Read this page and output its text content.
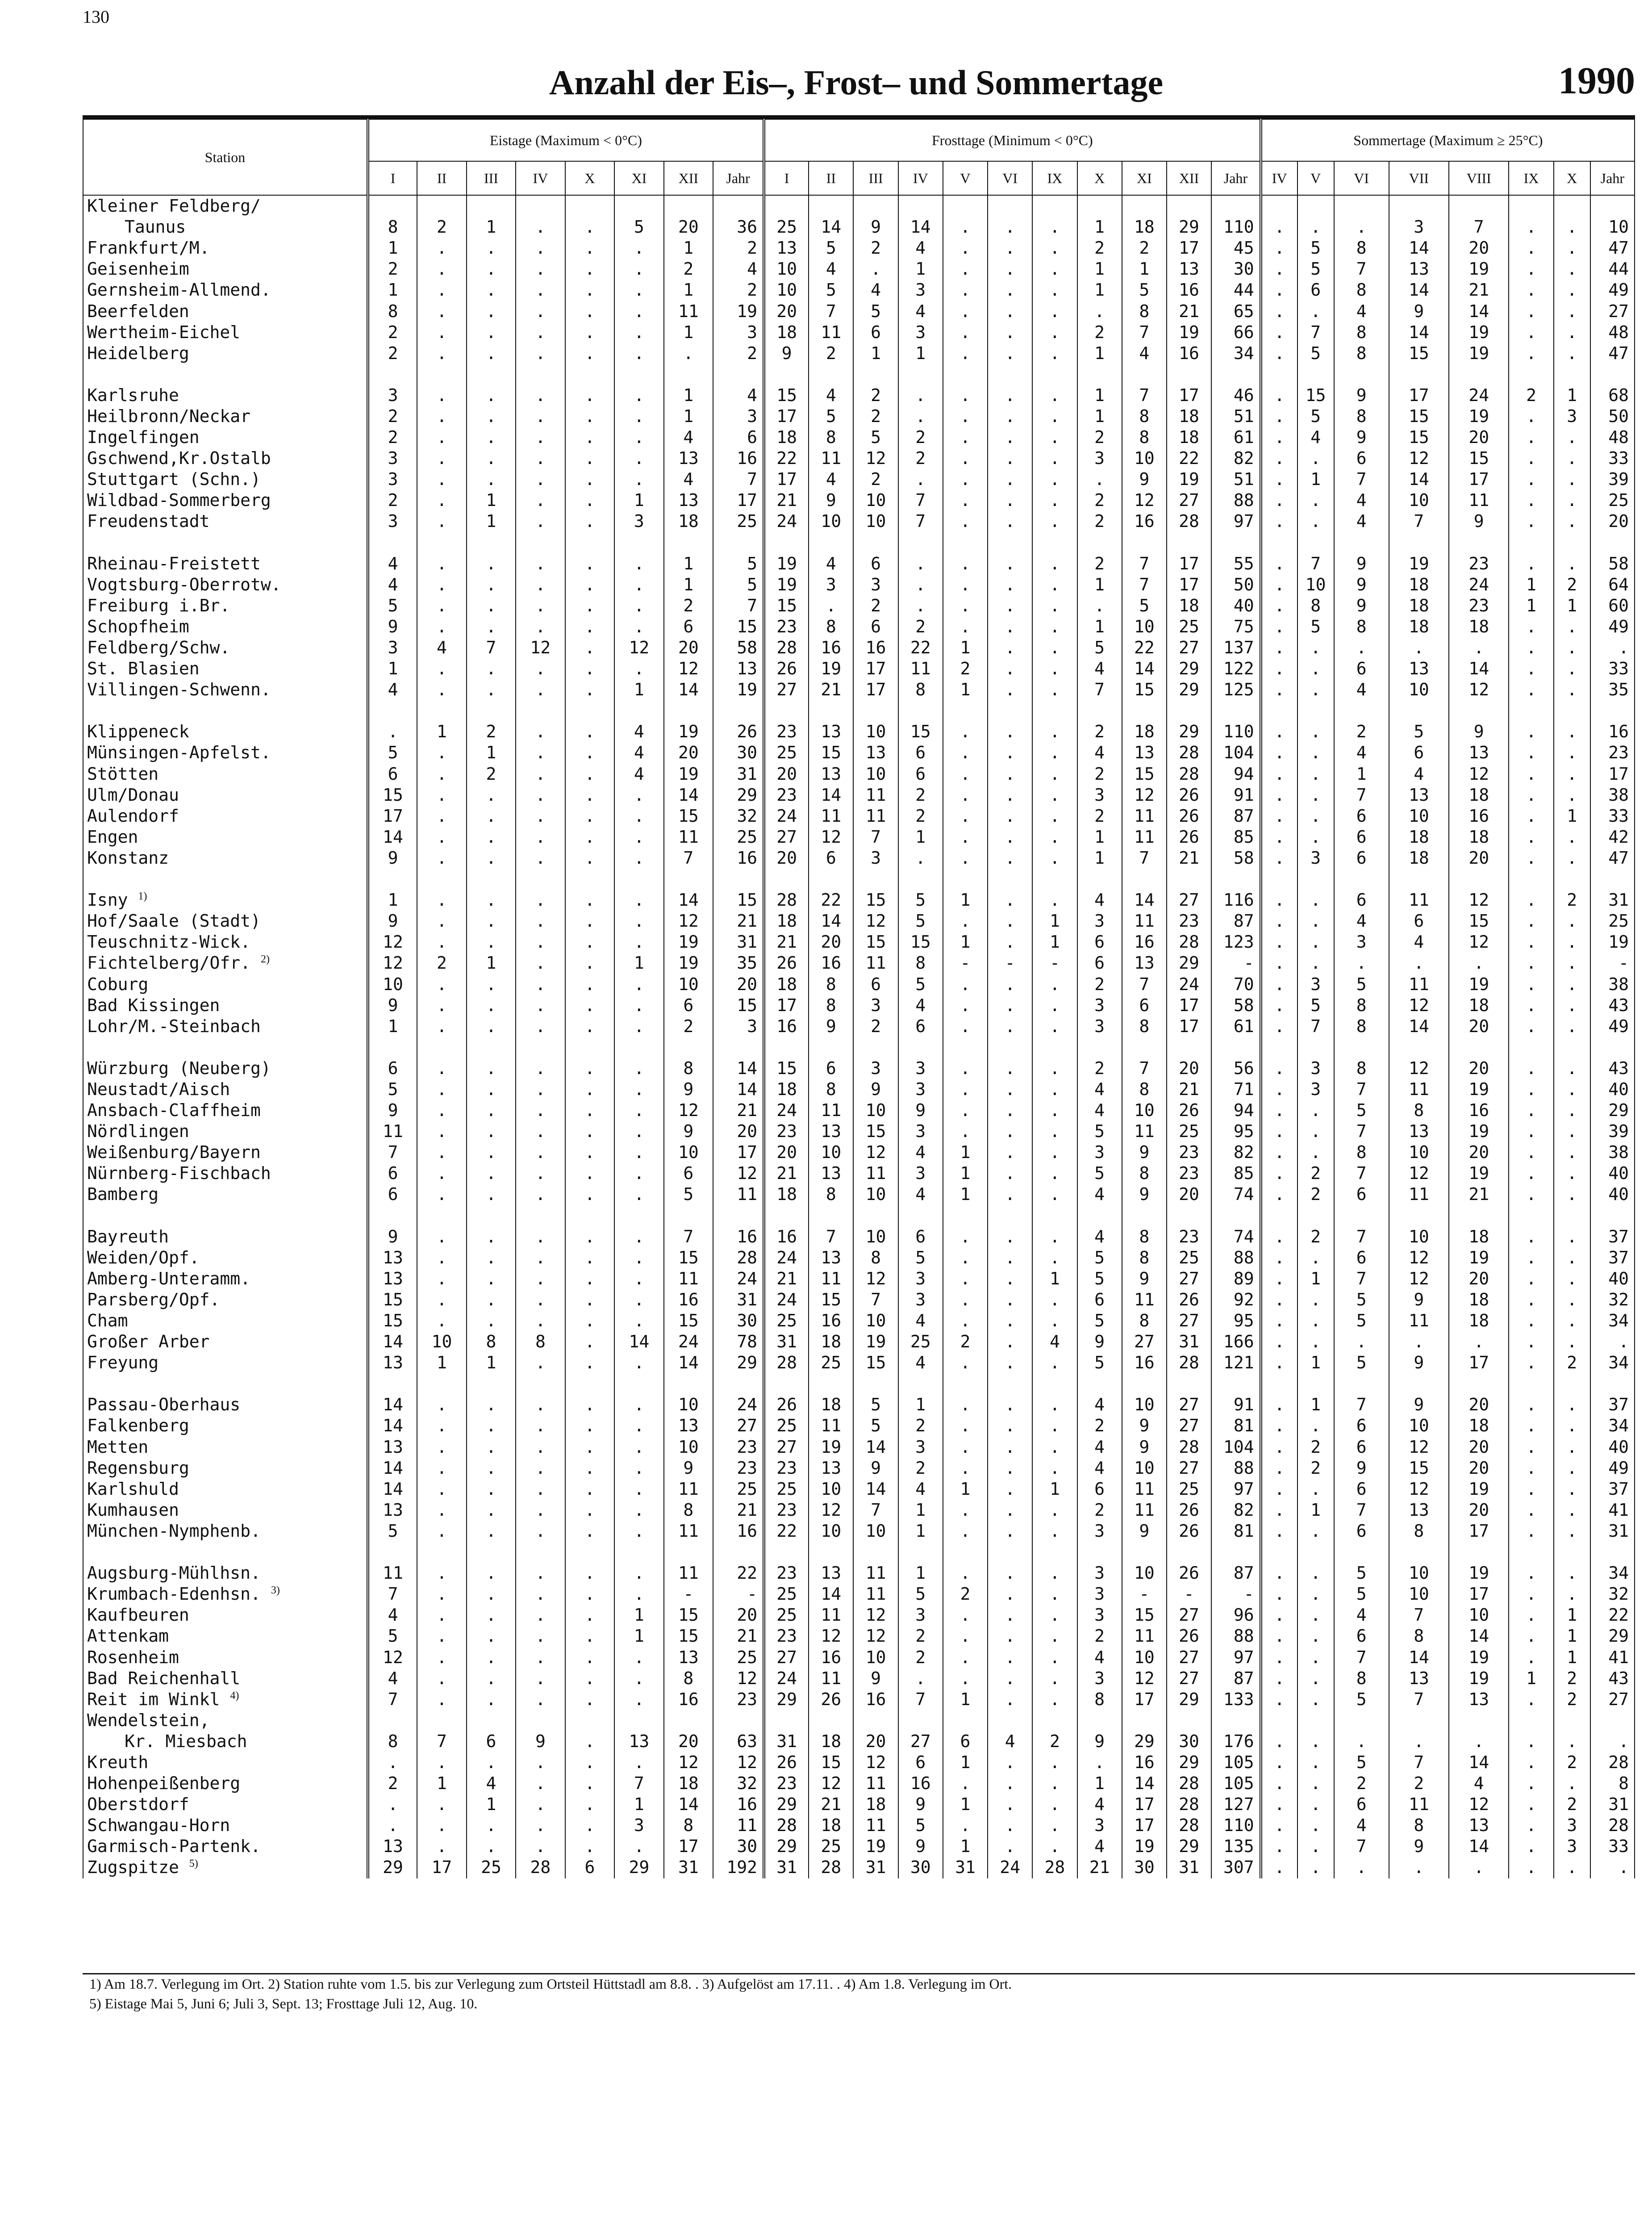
130
Anzahl der Eis–, Frost– und Sommertage	1990
Station	Eistage (Maximum < 0°C)								Frosttage (Minimum < 0°C)											Sommertage (Maximum ≥ 25°C)							
	I	II	III	IV	X	XI	XII	Jahr	I	II	III	IV	V	VI	IX	X	XI	XII	Jahr	IV	V	VI	VII	VIII	IX	X	Jahr
Kleiner Feldberg/																											
Taunus	8	2	1	.	.	5	20	36	25	14	9	14	.	.	.	1	18	29	110	.	.	.	3	7	.	.	10
Frankfurt/M.	1	.	.	.	.	.	1	2	13	5	2	4	.	.	.	2	2	17	45	.	5	8	14	20	.	.	47
Geisenheim	2	.	.	.	.	.	2	4	10	4	.	1	.	.	.	1	1	13	30	.	5	7	13	19	.	.	44
Gernsheim-Allmend.	1	.	.	.	.	.	1	2	10	5	4	3	.	.	.	1	5	16	44	.	6	8	14	21	.	.	49
Beerfelden	8	.	.	.	.	.	11	19	20	7	5	4	.	.	.	.	8	21	65	.	.	4	9	14	.	.	27
Wertheim-Eichel	2	.	.	.	.	.	1	3	18	11	6	3	.	.	.	2	7	19	66	.	7	8	14	19	.	.	48
Heidelberg	2	.	.	.	.	.	.	2	9	2	1	1	.	.	.	1	4	16	34	.	5	8	15	19	.	.	47

Karlsruhe	3	.	.	.	.	.	1	4	15	4	2	.	.	.	.	1	7	17	46	.	15	9	17	24	2	1	68
Heilbronn/Neckar	2	.	.	.	.	.	1	3	17	5	2	.	.	.	.	1	8	18	51	.	5	8	15	19	.	3	50
Ingelfingen	2	.	.	.	.	.	4	6	18	8	5	2	.	.	.	2	8	18	61	.	4	9	15	20	.	.	48
Gschwend,Kr.Ostalb	3	.	.	.	.	.	13	16	22	11	12	2	.	.	.	3	10	22	82	.	.	6	12	15	.	.	33
Stuttgart (Schn.)	3	.	.	.	.	.	4	7	17	4	2	.	.	.	.	.	9	19	51	.	1	7	14	17	.	.	39
Wildbad-Sommerberg	2	.	1	.	.	1	13	17	21	9	10	7	.	.	.	2	12	27	88	.	.	4	10	11	.	.	25
Freudenstadt	3	.	1	.	.	3	18	25	24	10	10	7	.	.	.	2	16	28	97	.	.	4	7	9	.	.	20

Rheinau-Freistett	4	.	.	.	.	.	1	5	19	4	6	.	.	.	.	2	7	17	55	.	7	9	19	23	.	.	58
Vogtsburg-Oberrotw.	4	.	.	.	.	.	1	5	19	3	3	.	.	.	.	1	7	17	50	.	10	9	18	24	1	2	64
Freiburg i.Br.	5	.	.	.	.	.	2	7	15	.	2	.	.	.	.	.	5	18	40	.	8	9	18	23	1	1	60
Schopfheim	9	.	.	.	.	.	6	15	23	8	6	2	.	.	.	1	10	25	75	.	5	8	18	18	.	.	49
Feldberg/Schw.	3	4	7	12	.	12	20	58	28	16	16	22	1	.	.	5	22	27	137	.	.	.	.	.	.	.	.
St. Blasien	1	.	.	.	.	.	12	13	26	19	17	11	2	.	.	4	14	29	122	.	.	6	13	14	.	.	33
Villingen-Schwenn.	4	.	.	.	.	1	14	19	27	21	17	8	1	.	.	7	15	29	125	.	.	4	10	12	.	.	35

Klippeneck	.	1	2	.	.	4	19	26	23	13	10	15	.	.	.	2	18	29	110	.	.	2	5	9	.	.	16
Münsingen-Apfelst.	5	.	1	.	.	4	20	30	25	15	13	6	.	.	.	4	13	28	104	.	.	4	6	13	.	.	23
Stötten	6	.	2	.	.	4	19	31	20	13	10	6	.	.	.	2	15	28	94	.	.	1	4	12	.	.	17
Ulm/Donau	15	.	.	.	.	.	14	29	23	14	11	2	.	.	.	3	12	26	91	.	.	7	13	18	.	.	38
Aulendorf	17	.	.	.	.	.	15	32	24	11	11	2	.	.	.	2	11	26	87	.	.	6	10	16	.	1	33
Engen	14	.	.	.	.	.	11	25	27	12	7	1	.	.	.	1	11	26	85	.	.	6	18	18	.	.	42
Konstanz	9	.	.	.	.	.	7	16	20	6	3	.	.	.	.	1	7	21	58	.	3	6	18	20	.	.	47

Isny $^{1)}$	1	.	.	.	.	.	14	15	28	22	15	5	1	.	.	4	14	27	116	.	.	6	11	12	.	2	31
Hof/Saale (Stadt)	9	.	.	.	.	.	12	21	18	14	12	5	.	.	1	3	11	23	87	.	.	4	6	15	.	.	25
Teuschnitz-Wick.	12	.	.	.	.	.	19	31	21	20	15	15	1	.	1	6	16	28	123	.	.	3	4	12	.	.	19
Fichtelberg/Ofr. $^{2)}$	12	2	1	.	.	1	19	35	26	16	11	8	-	-	-	6	13	29	-	.	.	.	.	.	.	.	-
Coburg	10	.	.	.	.	.	10	20	18	8	6	5	.	.	.	2	7	24	70	.	3	5	11	19	.	.	38
Bad Kissingen	9	.	.	.	.	.	6	15	17	8	3	4	.	.	.	3	6	17	58	.	5	8	12	18	.	.	43
Lohr/M.-Steinbach	1	.	.	.	.	.	2	3	16	9	2	6	.	.	.	3	8	17	61	.	7	8	14	20	.	.	49

Würzburg (Neuberg)	6	.	.	.	.	.	8	14	15	6	3	3	.	.	.	2	7	20	56	.	3	8	12	20	.	.	43
Neustadt/Aisch	5	.	.	.	.	.	9	14	18	8	9	3	.	.	.	4	8	21	71	.	3	7	11	19	.	.	40
Ansbach-Claffheim	9	.	.	.	.	.	12	21	24	11	10	9	.	.	.	4	10	26	94	.	.	5	8	16	.	.	29
Nördlingen	11	.	.	.	.	.	9	20	23	13	15	3	.	.	.	5	11	25	95	.	.	7	13	19	.	.	39
Weißenburg/Bayern	7	.	.	.	.	.	10	17	20	10	12	4	1	.	.	3	9	23	82	.	.	8	10	20	.	.	38
Nürnberg-Fischbach	6	.	.	.	.	.	6	12	21	13	11	3	1	.	.	5	8	23	85	.	2	7	12	19	.	.	40
Bamberg	6	.	.	.	.	.	5	11	18	8	10	4	1	.	.	4	9	20	74	.	2	6	11	21	.	.	40

Bayreuth	9	.	.	.	.	.	7	16	16	7	10	6	.	.	.	4	8	23	74	.	2	7	10	18	.	.	37
Weiden/Opf.	13	.	.	.	.	.	15	28	24	13	8	5	.	.	.	5	8	25	88	.	.	6	12	19	.	.	37
Amberg-Unteramm.	13	.	.	.	.	.	11	24	21	11	12	3	.	.	1	5	9	27	89	.	1	7	12	20	.	.	40
Parsberg/Opf.	15	.	.	.	.	.	16	31	24	15	7	3	.	.	.	6	11	26	92	.	.	5	9	18	.	.	32
Cham	15	.	.	.	.	.	15	30	25	16	10	4	.	.	.	5	8	27	95	.	.	5	11	18	.	.	34
Großer Arber	14	10	8	8	.	14	24	78	31	18	19	25	2	.	4	9	27	31	166	.	.	.	.	.	.	.	.
Freyung	13	1	1	.	.	.	14	29	28	25	15	4	.	.	.	5	16	28	121	.	1	5	9	17	.	2	34

Passau-Oberhaus	14	.	.	.	.	.	10	24	26	18	5	1	.	.	.	4	10	27	91	.	1	7	9	20	.	.	37
Falkenberg	14	.	.	.	.	.	13	27	25	11	5	2	.	.	.	2	9	27	81	.	.	6	10	18	.	.	34
Metten	13	.	.	.	.	.	10	23	27	19	14	3	.	.	.	4	9	28	104	.	2	6	12	20	.	.	40
Regensburg	14	.	.	.	.	.	9	23	23	13	9	2	.	.	.	4	10	27	88	.	2	9	15	20	.	.	49
Karlshuld	14	.	.	.	.	.	11	25	25	10	14	4	1	.	1	6	11	25	97	.	.	6	12	19	.	.	37
Kumhausen	13	.	.	.	.	.	8	21	23	12	7	1	.	.	.	2	11	26	82	.	1	7	13	20	.	.	41
München-Nymphenb.	5	.	.	.	.	.	11	16	22	10	10	1	.	.	.	3	9	26	81	.	.	6	8	17	.	.	31

Augsburg-Mühlhsn.	11	.	.	.	.	.	11	22	23	13	11	1	.	.	.	3	10	26	87	.	.	5	10	19	.	.	34
Krumbach-Edenhsn. $^{3)}$	7	.	.	.	.	.	-	-	25	14	11	5	2	.	.	3	-	-	-	.	.	5	10	17	.	.	32
Kaufbeuren	4	.	.	.	.	1	15	20	25	11	12	3	.	.	.	3	15	27	96	.	.	4	7	10	.	1	22
Attenkam	5	.	.	.	.	1	15	21	23	12	12	2	.	.	.	2	11	26	88	.	.	6	8	14	.	1	29
Rosenheim	12	.	.	.	.	.	13	25	27	16	10	2	.	.	.	4	10	27	97	.	.	7	14	19	.	1	41
Bad Reichenhall	4	.	.	.	.	.	8	12	24	11	9	.	.	.	.	3	12	27	87	.	.	8	13	19	1	2	43
Reit im Winkl $^{4)}$	7	.	.	.	.	.	16	23	29	26	16	7	1	.	.	8	17	29	133	.	.	5	7	13	.	2	27
Wendelstein,																											
Kr. Miesbach	8	7	6	9	.	13	20	63	31	18	20	27	6	4	2	9	29	30	176	.	.	.	.	.	.	.	.
Kreuth	.	.	.	.	.	.	12	12	26	15	12	6	1	.	.	.	16	29	105	.	.	5	7	14	.	2	28
Hohenpeißenberg	2	1	4	.	.	7	18	32	23	12	11	16	.	.	.	1	14	28	105	.	.	2	2	4	.	.	8
Oberstdorf	.	.	1	.	.	1	14	16	29	21	18	9	1	.	.	4	17	28	127	.	.	6	11	12	.	2	31
Schwangau-Horn	.	.	.	.	.	3	8	11	28	18	11	5	.	.	.	3	17	28	110	.	.	4	8	13	.	3	28
Garmisch-Partenk.	13	.	.	.	.	.	17	30	29	25	19	9	1	.	.	4	19	29	135	.	.	7	9	14	.	3	33
Zugspitze $^{5)}$	29	17	25	28	6	29	31	192	31	28	31	30	31	24	28	21	30	31	307	.	.	.	.	.	.	.	.
1) Am 18.7. Verlegung im Ort. 2) Station ruhte vom 1.5. bis zur Verlegung zum Ortsteil Hüttstadl am 8.8. . 3) Aufgelöst am 17.11. . 4) Am 1.8. Verlegung im Ort.
5) Eistage Mai 5, Juni 6; Juli 3, Sept. 13; Frosttage Juli 12, Aug. 10.
